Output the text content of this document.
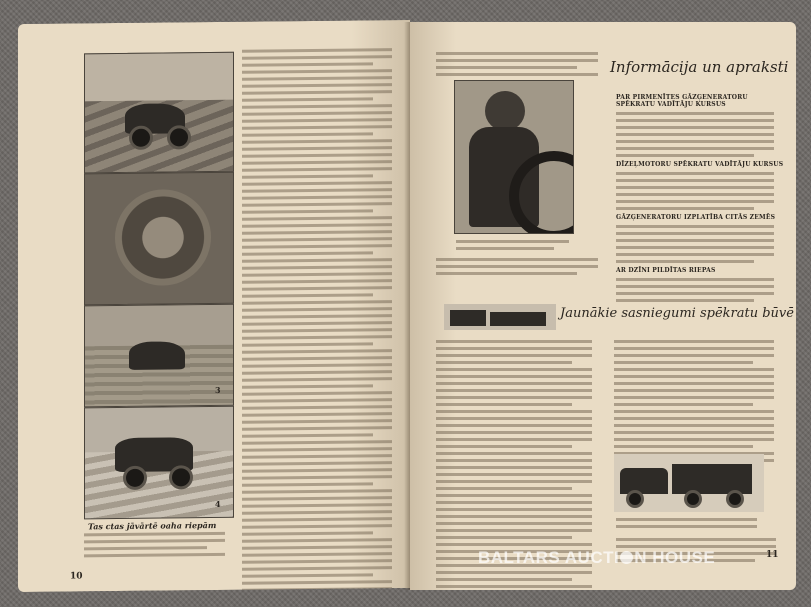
3
4
Tas ctas jāvārtē oaha riepām
10
Informācija un apraksti
PAR PIRMENĪTES GĀZĢENERATORU SPĒKRATU VADĪTĀJU KURSUS
DĪZEĻMOTORU SPĒKRATU VADĪTĀJU KURSUS
GĀZĢENERATORU IZPLATĪBA CITĀS ZEMĒS
AR DZĪNI PILDĪTAS RIEPAS
Jaunākie sasniegumi spēkratu būvē
11
BALTARS AUCTI N HOUSE
